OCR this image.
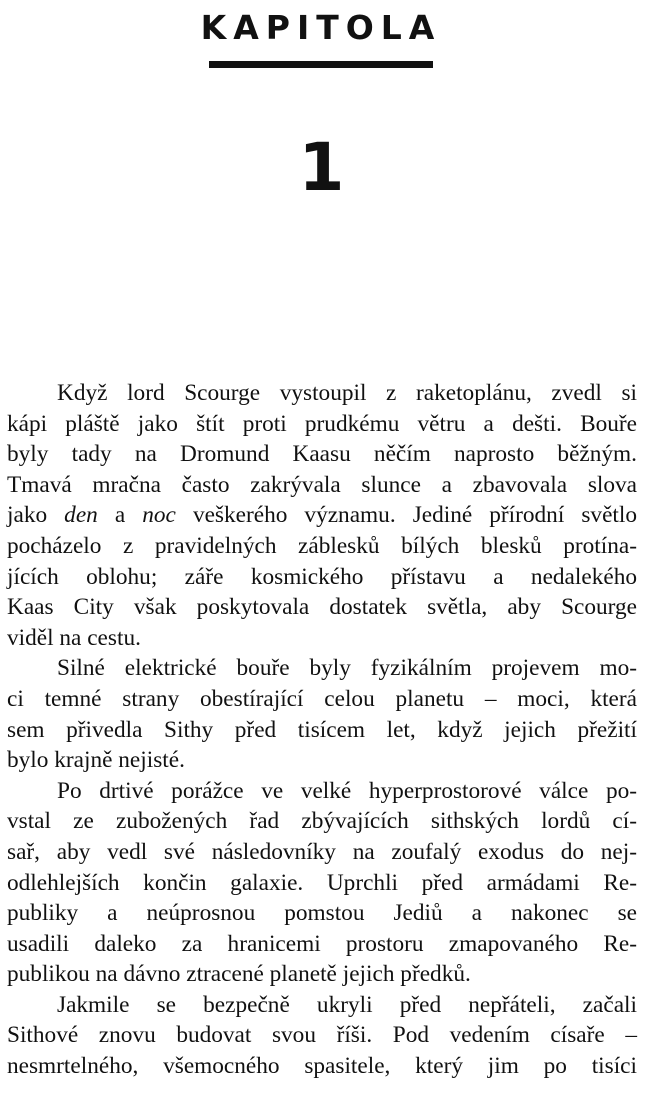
KAPITOLA
1
Když lord Scourge vystoupil z raketoplánu, zvedl si
kápi pláště jako štít proti prudkému větru a dešti. Bouře
byly tady na Dromund Kaasu něčím naprosto běžným.
Tmavá mračna často zakrývala slunce a zbavovala slova
jako den a noc veškerého významu. Jediné přírodní světlo
pocházelo z pravidelných záblesků bílých blesků protína-
jících oblohu; záře kosmického přístavu a nedalekého
Kaas City však poskytovala dostatek světla, aby Scourge
viděl na cestu.
Silné elektrické bouře byly fyzikálním projevem mo-
ci temné strany obestírající celou planetu – moci, která
sem přivedla Sithy před tisícem let, když jejich přežití
bylo krajně nejisté.
Po drtivé porážce ve velké hyperprostorové válce po-
vstal ze zubožených řad zbývajících sithských lordů cí-
sař, aby vedl své následovníky na zoufalý exodus do nej-
odlehlejších končin galaxie. Uprchli před armádami Re-
publiky a neúprosnou pomstou Jediů a nakonec se
usadili daleko za hranicemi prostoru zmapovaného Re-
publikou na dávno ztracené planetě jejich předků.
Jakmile se bezpečně ukryli před nepřáteli, začali
Sithové znovu budovat svou říši. Pod vedením císaře –
nesmrtelného, všemocného spasitele, který jim po tisíci
